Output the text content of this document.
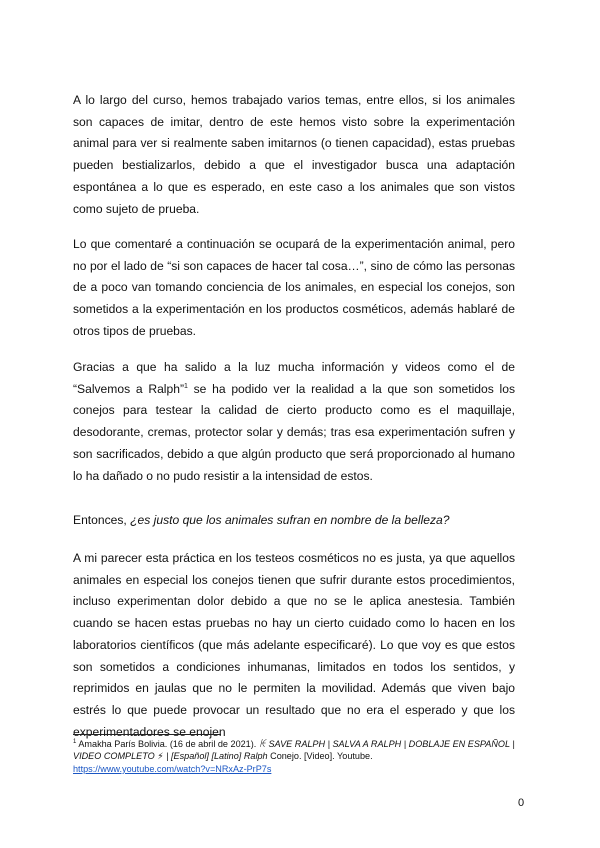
A lo largo del curso, hemos trabajado varios temas, entre ellos, si los animales son capaces de imitar, dentro de este hemos visto sobre la experimentación animal para ver si realmente saben imitarnos (o tienen capacidad), estas pruebas pueden bestializarlos, debido a que el investigador busca una adaptación espontánea a lo que es esperado, en este caso a los animales que son vistos como sujeto de prueba.

Lo que comentaré a continuación se ocupará de la experimentación animal, pero no por el lado de “si son capaces de hacer tal cosa…”, sino de cómo las personas de a poco van tomando conciencia de los animales, en especial los conejos, son sometidos a la experimentación en los productos cosméticos, además hablaré de otros tipos de pruebas.

Gracias a que ha salido a la luz mucha información y videos como el de “Salvemos a Ralph”$^1$ se ha podido ver la realidad a la que son sometidos los conejos para testear la calidad de cierto producto como es el maquillaje, desodorante, cremas, protector solar y demás; tras esa experimentación sufren y son sacrificados, debido a que algún producto que será proporcionado al humano lo ha dañado o no pudo resistir a la intensidad de estos.

Entonces, ¿es justo que los animales sufran en nombre de la belleza?

A mi parecer esta práctica en los testeos cosméticos no es justa, ya que aquellos animales en especial los conejos tienen que sufrir durante estos procedimientos, incluso experimentan dolor debido a que no se le aplica anestesia. También cuando se hacen estas pruebas no hay un cierto cuidado como lo hacen en los laboratorios científicos (que más adelante especificaré). Lo que voy es que estos son sometidos a condiciones inhumanas, limitados en todos los sentidos, y reprimidos en jaulas que no le permiten la movilidad. Además que viven bajo estrés lo que puede provocar un resultado que no era el esperado y que los experimentadores se enojen

$^1$ Amakha París Bolivia. (16 de abril de 2021). ꀘ SAVE RALPH | SALVA A RALPH | DOBLAJE EN ESPAÑOL | VIDEO COMPLETO ⚡ | [Español] [Latino] Ralph Conejo. [Video]. Youtube.
https://www.youtube.com/watch?v=NRxAz-PrP7s

0
